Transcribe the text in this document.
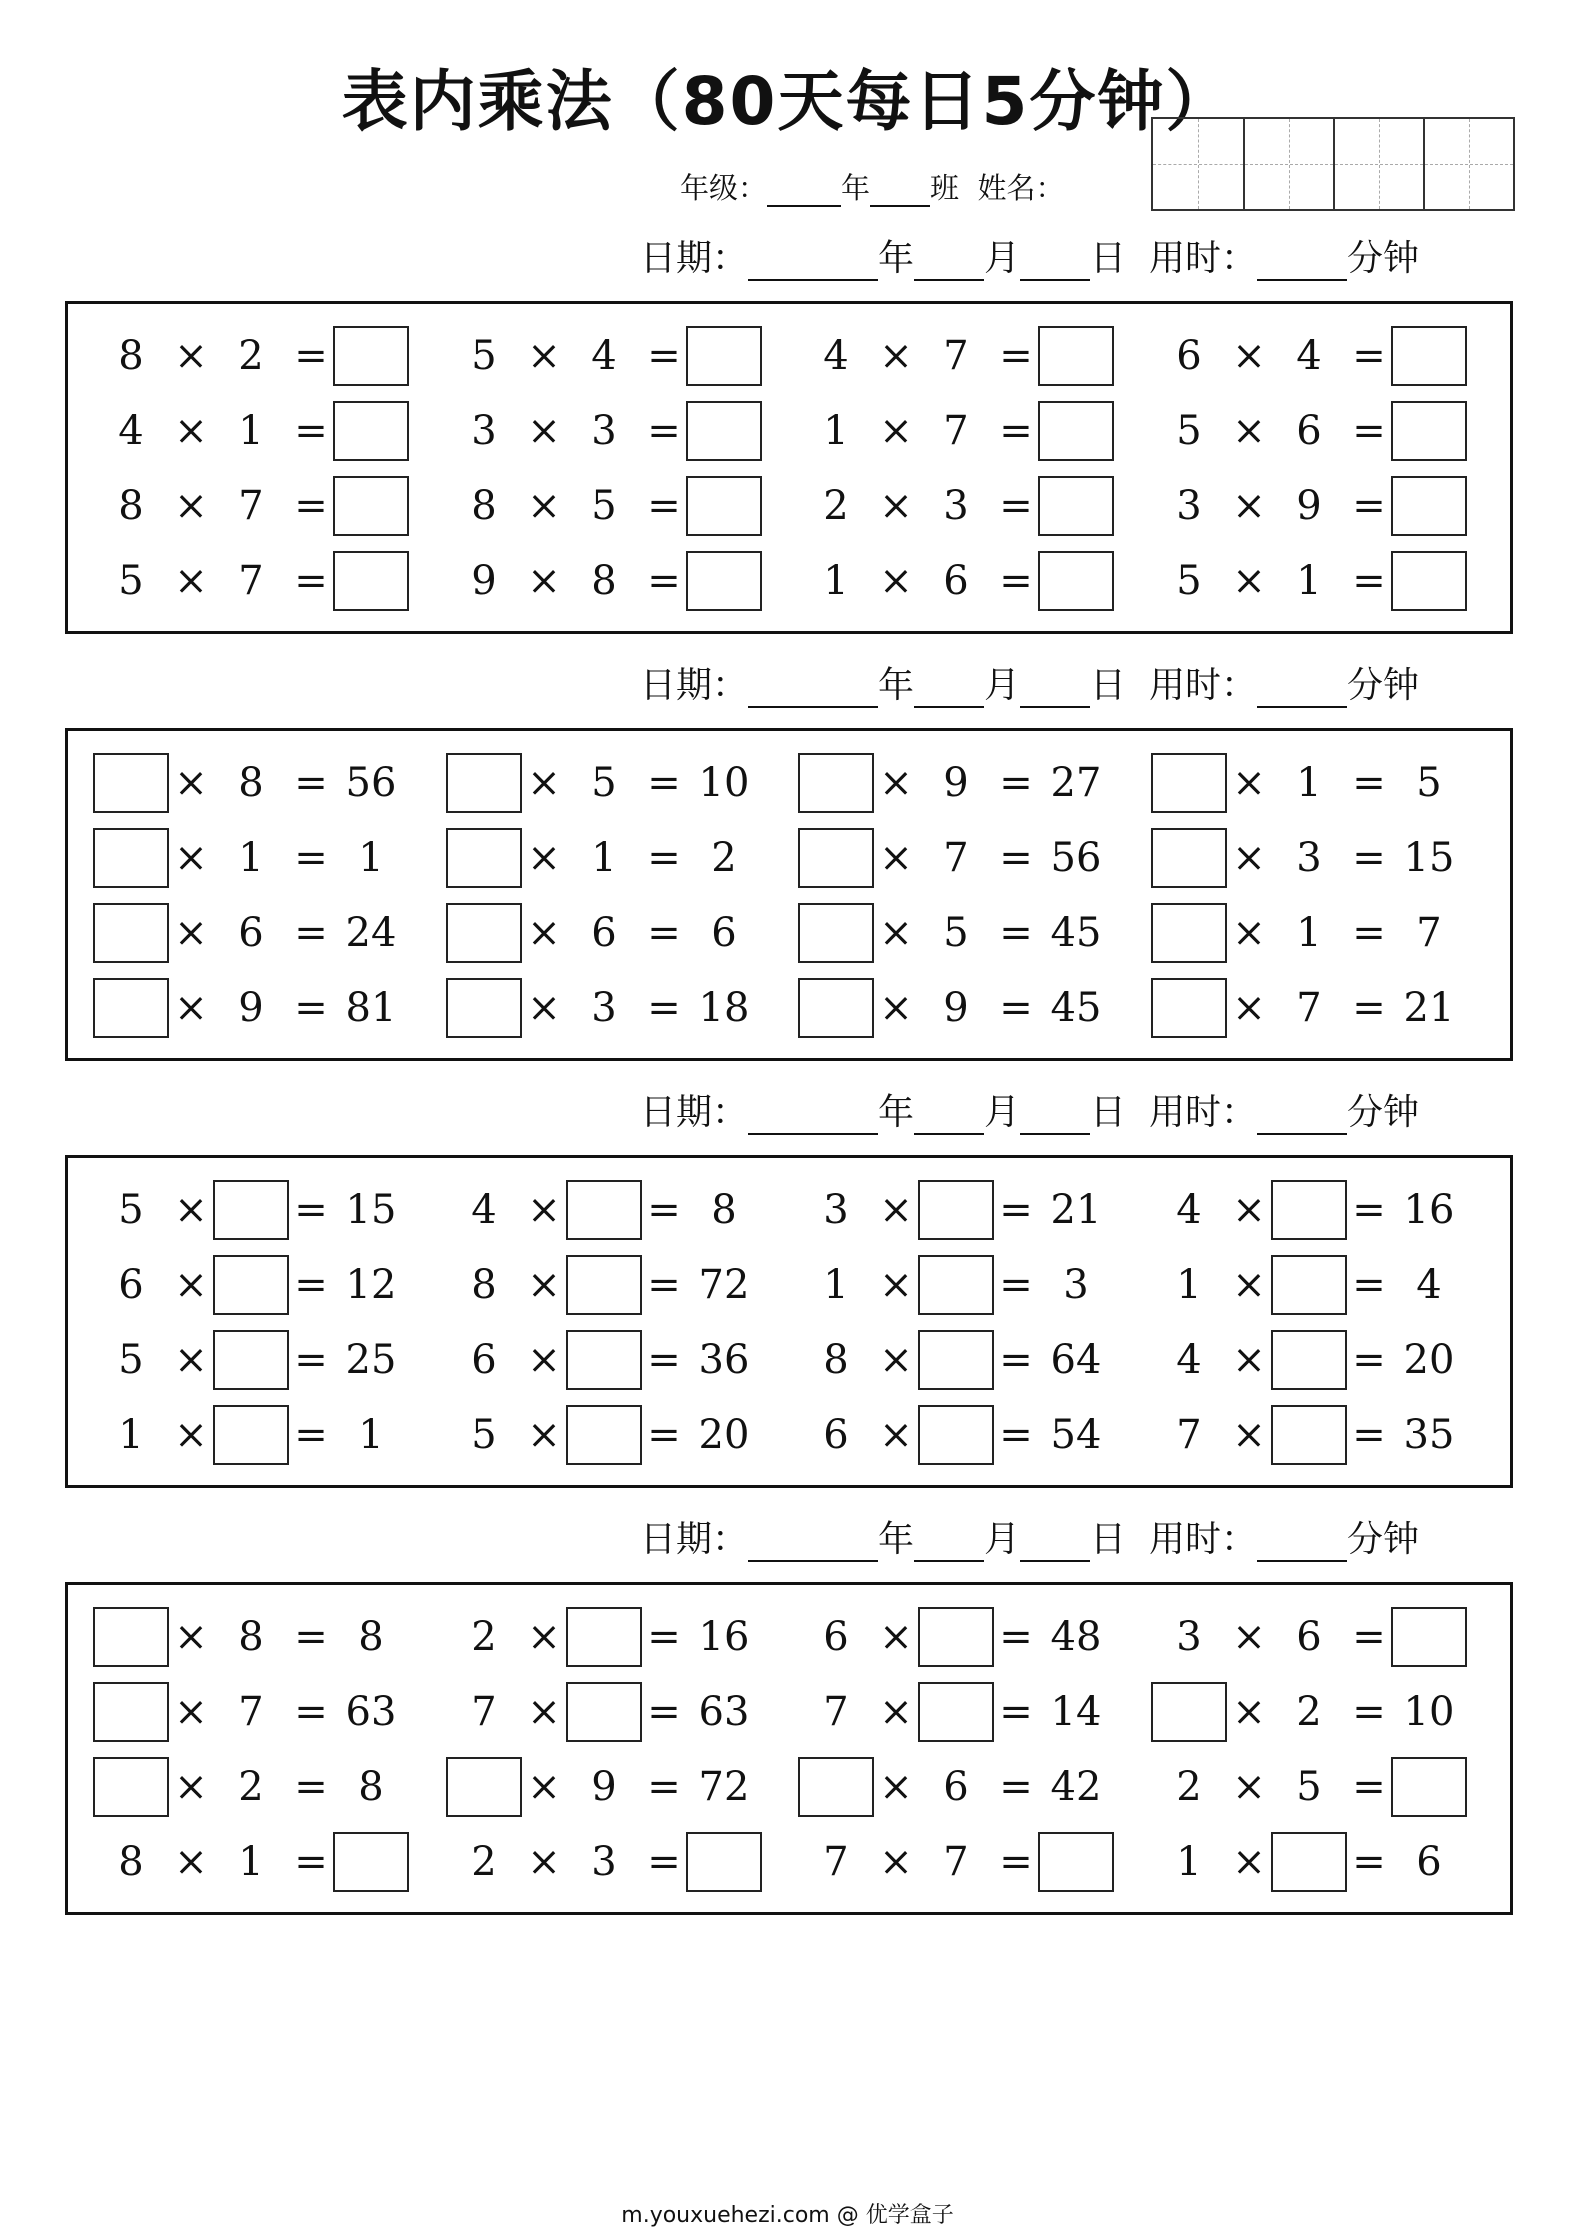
表内乘法（80天每日5分钟）
年级：	年 班 姓名：
日期：	年 月 日 用时：	分钟
日期：	年 月 日 用时：	分钟
日期：	年 月 日 用时：	分钟
日期：	年 月 日 用时：	分钟
8 × 2 =	5 × 4 =	4 × 7 =	6 × 4 =
4 × 1 =	3 × 3 =	1 × 7 =	5 × 6 =
8 × 7 =	8 × 5 =	2 × 3 =	3 × 9 =
5 × 7 =	9 × 8 =	1 × 6 =	5 × 1 =
× 8 = 56	× 5 = 10	× 9 = 27	× 1 = 5
× 1 = 1	× 1 = 2	× 7 = 56	× 3 = 15
× 6 = 24	× 6 = 6	× 5 = 45	× 1 = 7
× 9 = 81	× 3 = 18	× 9 = 45	× 7 = 21
5 × = 15	4 × = 8	3 × = 21	4 × = 16
6 × = 12	8 × = 72	1 × = 3	1 × = 4
5 × = 25	6 × = 36	8 × = 64	4 × = 20
1 × = 1	5 × = 20	6 × = 54	7 × = 35
× 8 = 8	2 × = 16	6 × = 48	3 × 6 =
× 7 = 63	7 × = 63	7 × = 14	× 2 = 10
× 2 = 8	× 9 = 72	× 6 = 42	2 × 5 =
8 × 1 =	2 × 3 =	7 × 7 =	1 × = 6
m.youxuehezi.com @ 优学盒子
